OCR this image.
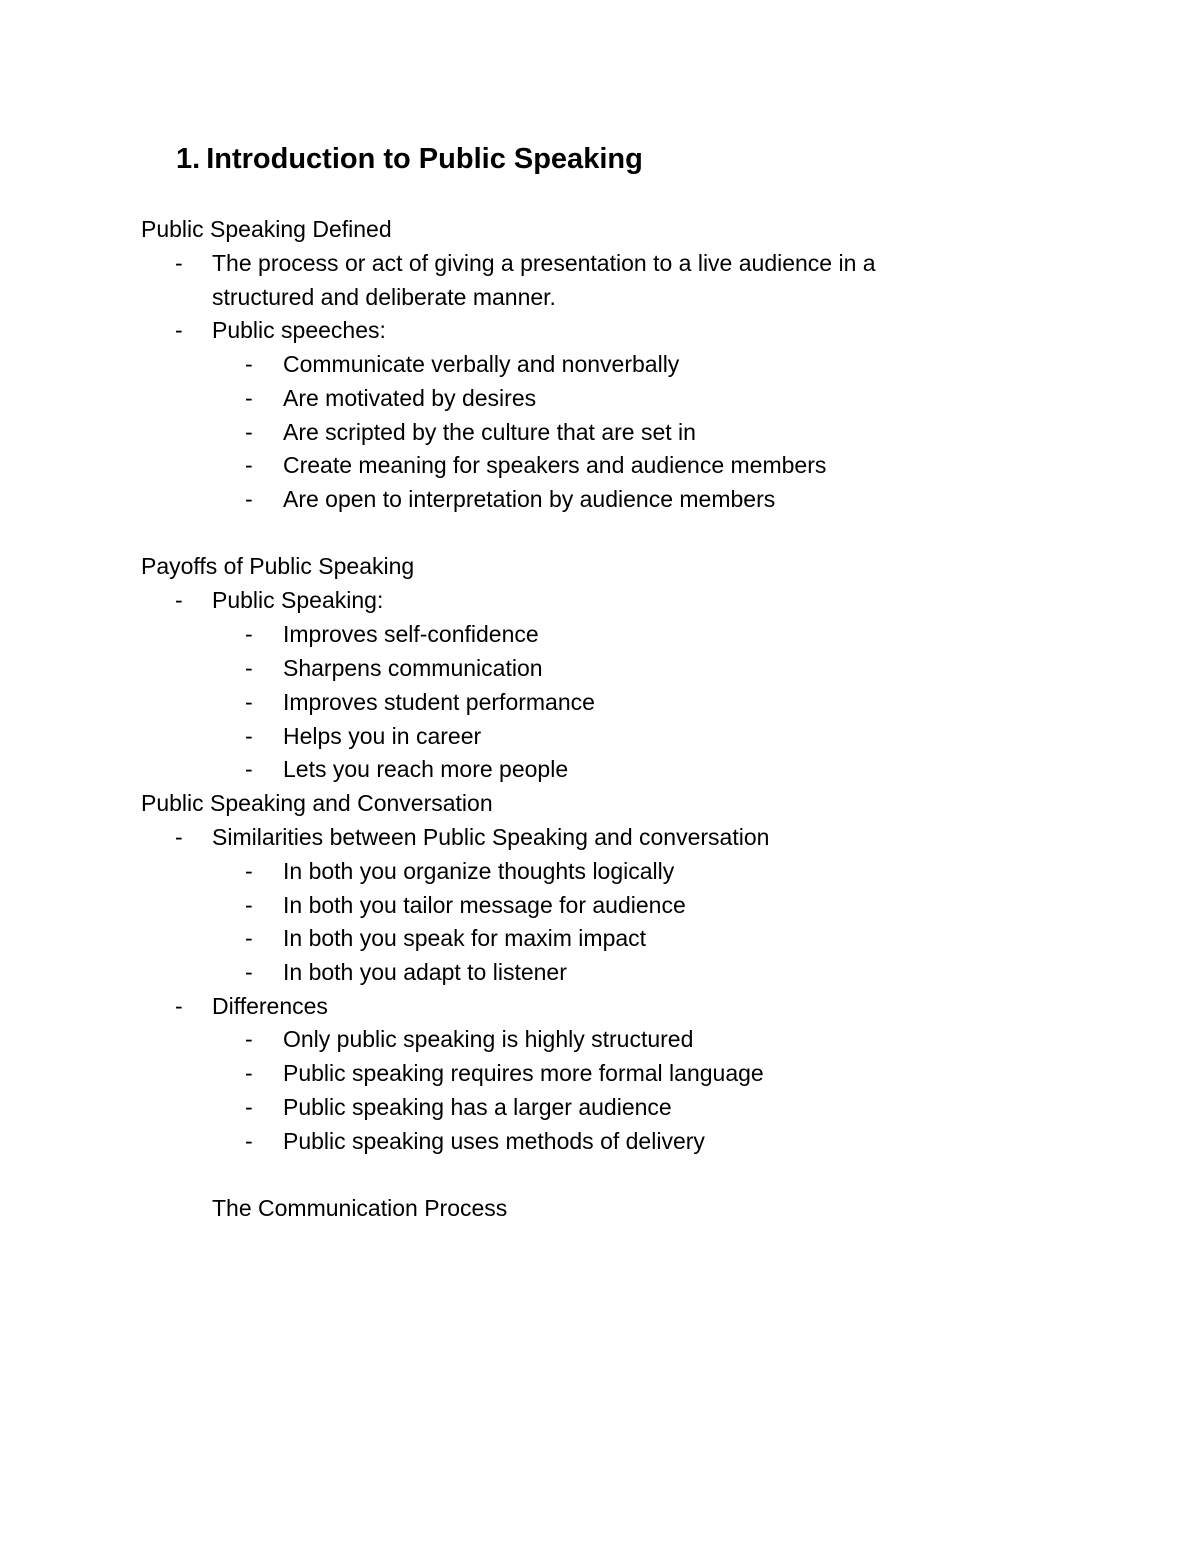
1. Introduction to Public Speaking
Public Speaking Defined
- The process or act of giving a presentation to a live audience in a
structured and deliberate manner.
- Public speeches:
- Communicate verbally and nonverbally
- Are motivated by desires
- Are scripted by the culture that are set in
- Create meaning for speakers and audience members
- Are open to interpretation by audience members
Payoffs of Public Speaking
- Public Speaking:
- Improves self-confidence
- Sharpens communication
- Improves student performance
- Helps you in career
- Lets you reach more people
Public Speaking and Conversation
- Similarities between Public Speaking and conversation
- In both you organize thoughts logically
- In both you tailor message for audience
- In both you speak for maxim impact
- In both you adapt to listener
- Differences
- Only public speaking is highly structured
- Public speaking requires more formal language
- Public speaking has a larger audience
- Public speaking uses methods of delivery
The Communication Process
